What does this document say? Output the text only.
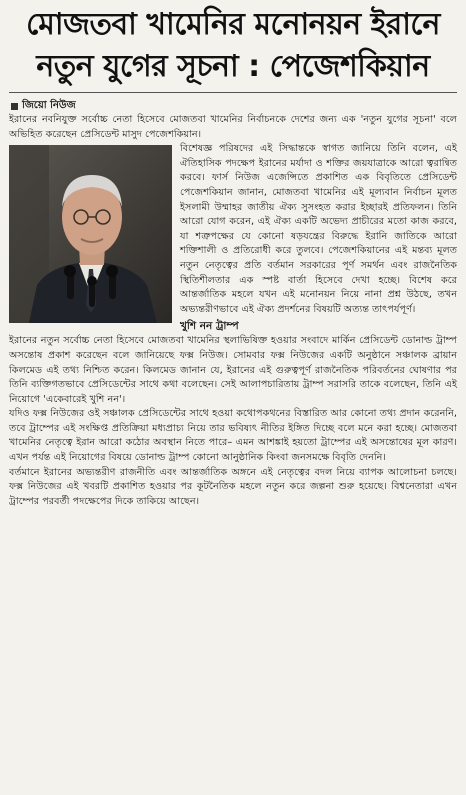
মোজতবা খামেনির মনোনয়ন ইরানে
নতুন যুগের সূচনা : পেজেশকিয়ান
জিয়ো নিউজ

ইরানের নবনিযুক্ত সর্বোচ্চ নেতা হিসেবে মোজতবা খামেনির নির্বাচনকে দেশের জন্য এক 'নতুন যুগের সূচনা' বলে অভিহিত করেছেন প্রেসিডেন্ট মাসুদ পেজেশকিয়ান।

বিশেষজ্ঞ পরিষদের এই সিদ্ধান্তকে স্বাগত জানিয়ে তিনি বলেন, এই ঐতিহাসিক পদক্ষেপ ইরানের মর্যাদা ও শক্তির জয়যাত্রাকে আরো ত্বরান্বিত করবে। ফার্স নিউজ এজেন্সিতে প্রকাশিত এক বিবৃতিতে প্রেসিডেন্ট পেজেশকিয়ান জানান, মোজতবা খামেনির এই মূল্যবান নির্বাচন মূলত ইসলামী উম্মাহর জাতীয় ঐক্য সুসংহত করার ইচ্ছারই প্রতিফলন। তিনি আরো যোগ করেন, এই ঐক্য একটি অভেদ্য প্রাচীরের মতো কাজ করবে, যা শত্রুপক্ষের যে কোনো ষড়যন্ত্রের বিরুদ্ধে ইরানি জাতিকে আরো শক্তিশালী ও প্রতিরোধী করে তুলবে। পেজেশকিয়ানের এই মন্তব্য মূলত নতুন নেতৃত্বের প্রতি বর্তমান সরকারের পূর্ণ সমর্থন এবং রাজনৈতিক স্থিতিশীলতার এক স্পষ্ট বার্তা হিসেবে দেখা হচ্ছে। বিশেষ করে আন্তর্জাতিক মহলে যখন এই মনোনয়ন নিয়ে নানা প্রশ্ন উঠছে, তখন অভ্যন্তরীণভাবে এই ঐক্য প্রদর্শনের বিষয়টি অত্যন্ত তাৎপর্যপূর্ণ।

খুশি নন ট্রাম্প

ইরানের নতুন সর্বোচ্চ নেতা হিসেবে মোজতবা খামেনির স্থলাভিষিক্ত হওয়ার সংবাদে মার্কিন প্রেসিডেন্ট ডোনাল্ড ট্রাম্প অসন্তোষ প্রকাশ করেছেন বলে জানিয়েছে ফক্স নিউজ। সোমবার ফক্স নিউজের একটি অনুষ্ঠানে সঞ্চালক ব্রায়ান কিলমেড এই তথ্য নিশ্চিত করেন। কিলমেড জানান যে, ইরানের এই গুরুত্বপূর্ণ রাজনৈতিক পরিবর্তনের ঘোষণার পর তিনি ব্যক্তিগতভাবে প্রেসিডেন্টের সাথে কথা বলেছেন। সেই আলাপচারিতায় ট্রাম্প সরাসরি তাকে বলেছেন, তিনি এই নিয়োগে 'একেবারেই খুশি নন'।

যদিও ফক্স নিউজের ওই সঞ্চালক প্রেসিডেন্টের সাথে হওয়া কথোপকথনের বিস্তারিত আর কোনো তথ্য প্রদান করেননি, তবে ট্রাম্পের এই সংক্ষিপ্ত প্রতিক্রিয়া মধ্যপ্রাচ্য নিয়ে তার ভবিষ্যৎ নীতির ইঙ্গিত দিচ্ছে বলে মনে করা হচ্ছে। মোজতবা খামেনির নেতৃত্বে ইরান আরো কঠোর অবস্থান নিতে পারে– এমন আশঙ্কাই হয়তো ট্রাম্পের এই অসন্তোষের মূল কারণ। এখন পর্যন্ত এই নিয়োগের বিষয়ে ডোনাল্ড ট্রাম্প কোনো আনুষ্ঠানিক কিংবা জনসমক্ষে বিবৃতি দেননি।

বর্তমানে ইরানের অভ্যন্তরীণ রাজনীতি এবং আন্তর্জাতিক অঙ্গনে এই নেতৃত্বের বদল নিয়ে ব্যাপক আলোচনা চলছে। ফক্স নিউজের এই খবরটি প্রকাশিত হওয়ার পর কূটনৈতিক মহলে নতুন করে জল্পনা শুরু হয়েছে। বিশ্বনেতারা এখন ট্রাম্পের পরবর্তী পদক্ষেপের দিকে তাকিয়ে আছেন।
